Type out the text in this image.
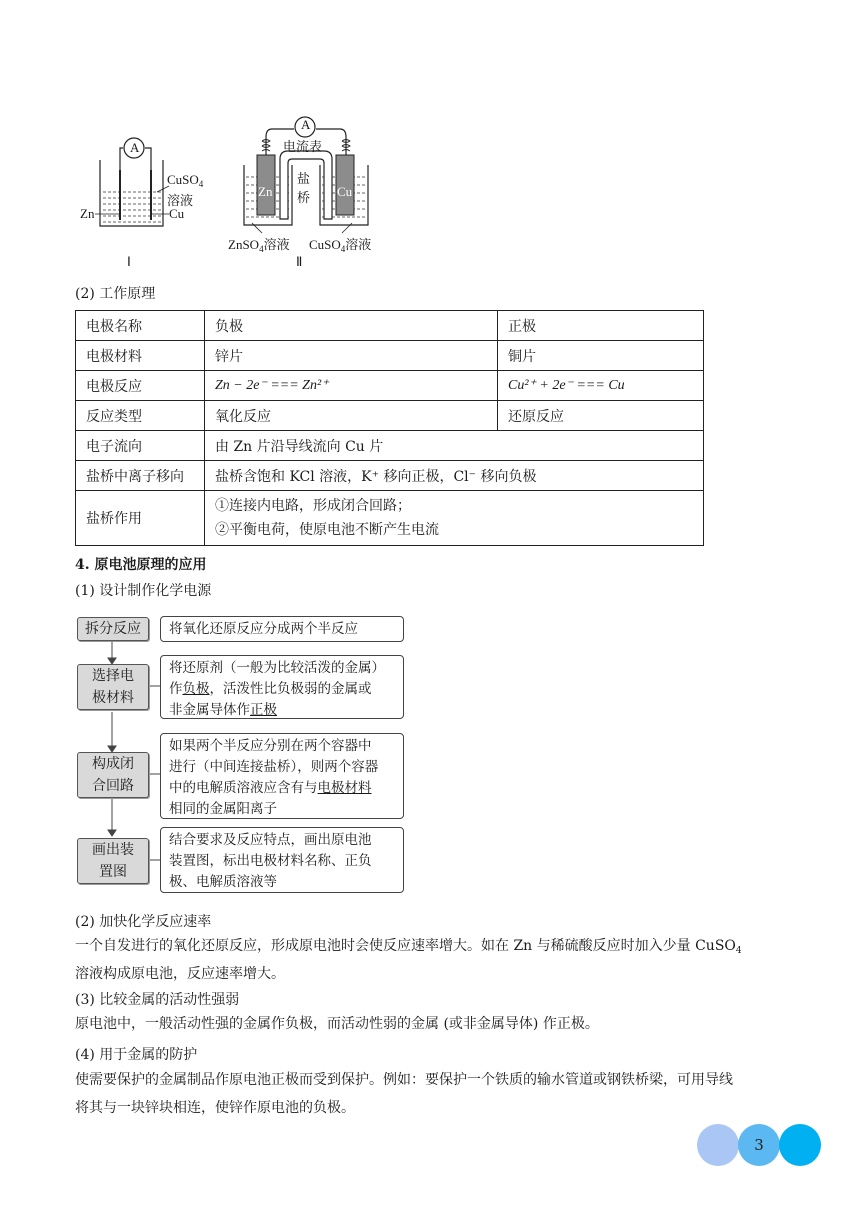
A
CuSO$_4$
溶液
Zn	Cu
Ⅰ
A
电流表
Zn	Cu
盐
桥
ZnSO$_4$溶液 CuSO$_4$溶液
Ⅱ
(2) 工作原理
电极名称	负极	正极
电极材料	锌片	铜片
电极反应	Zn − 2e⁻ === Zn²⁺	Cu²⁺ + 2e⁻ === Cu
反应类型	氧化反应	还原反应
电子流向	由 Zn 片沿导线流向 Cu 片	
盐桥中离子移向	盐桥含饱和 KCl 溶液，K⁺ 移向正极，Cl⁻ 移向负极	
盐桥作用	①连接内电路，形成闭合回路；
②平衡电荷，使原电池不断产生电流	
4. 原电池原理的应用
(1) 设计制作化学电源
拆分反应	将氧化还原反应分成两个半反应
选择电
极材料
将还原剂（一般为比较活泼的金属）
作负极，活泼性比负极弱的金属或
非金属导体作正极
构成闭
合回路
如果两个半反应分别在两个容器中
进行（中间连接盐桥），则两个容器
中的电解质溶液应含有与电极材料
相同的金属阳离子
画出装
置图
结合要求及反应特点，画出原电池
装置图，标出电极材料名称、正负
极、电解质溶液等
(2) 加快化学反应速率
一个自发进行的氧化还原反应，形成原电池时会使反应速率增大。如在 Zn 与稀硫酸反应时加入少量 CuSO$_4$
溶液构成原电池，反应速率增大。
(3) 比较金属的活动性强弱
原电池中，一般活动性强的金属作负极，而活动性弱的金属 (或非金属导体) 作正极。
(4) 用于金属的防护
使需要保护的金属制品作原电池正极而受到保护。例如：要保护一个铁质的输水管道或钢铁桥梁，可用导线
将其与一块锌块相连，使锌作原电池的负极。
3
